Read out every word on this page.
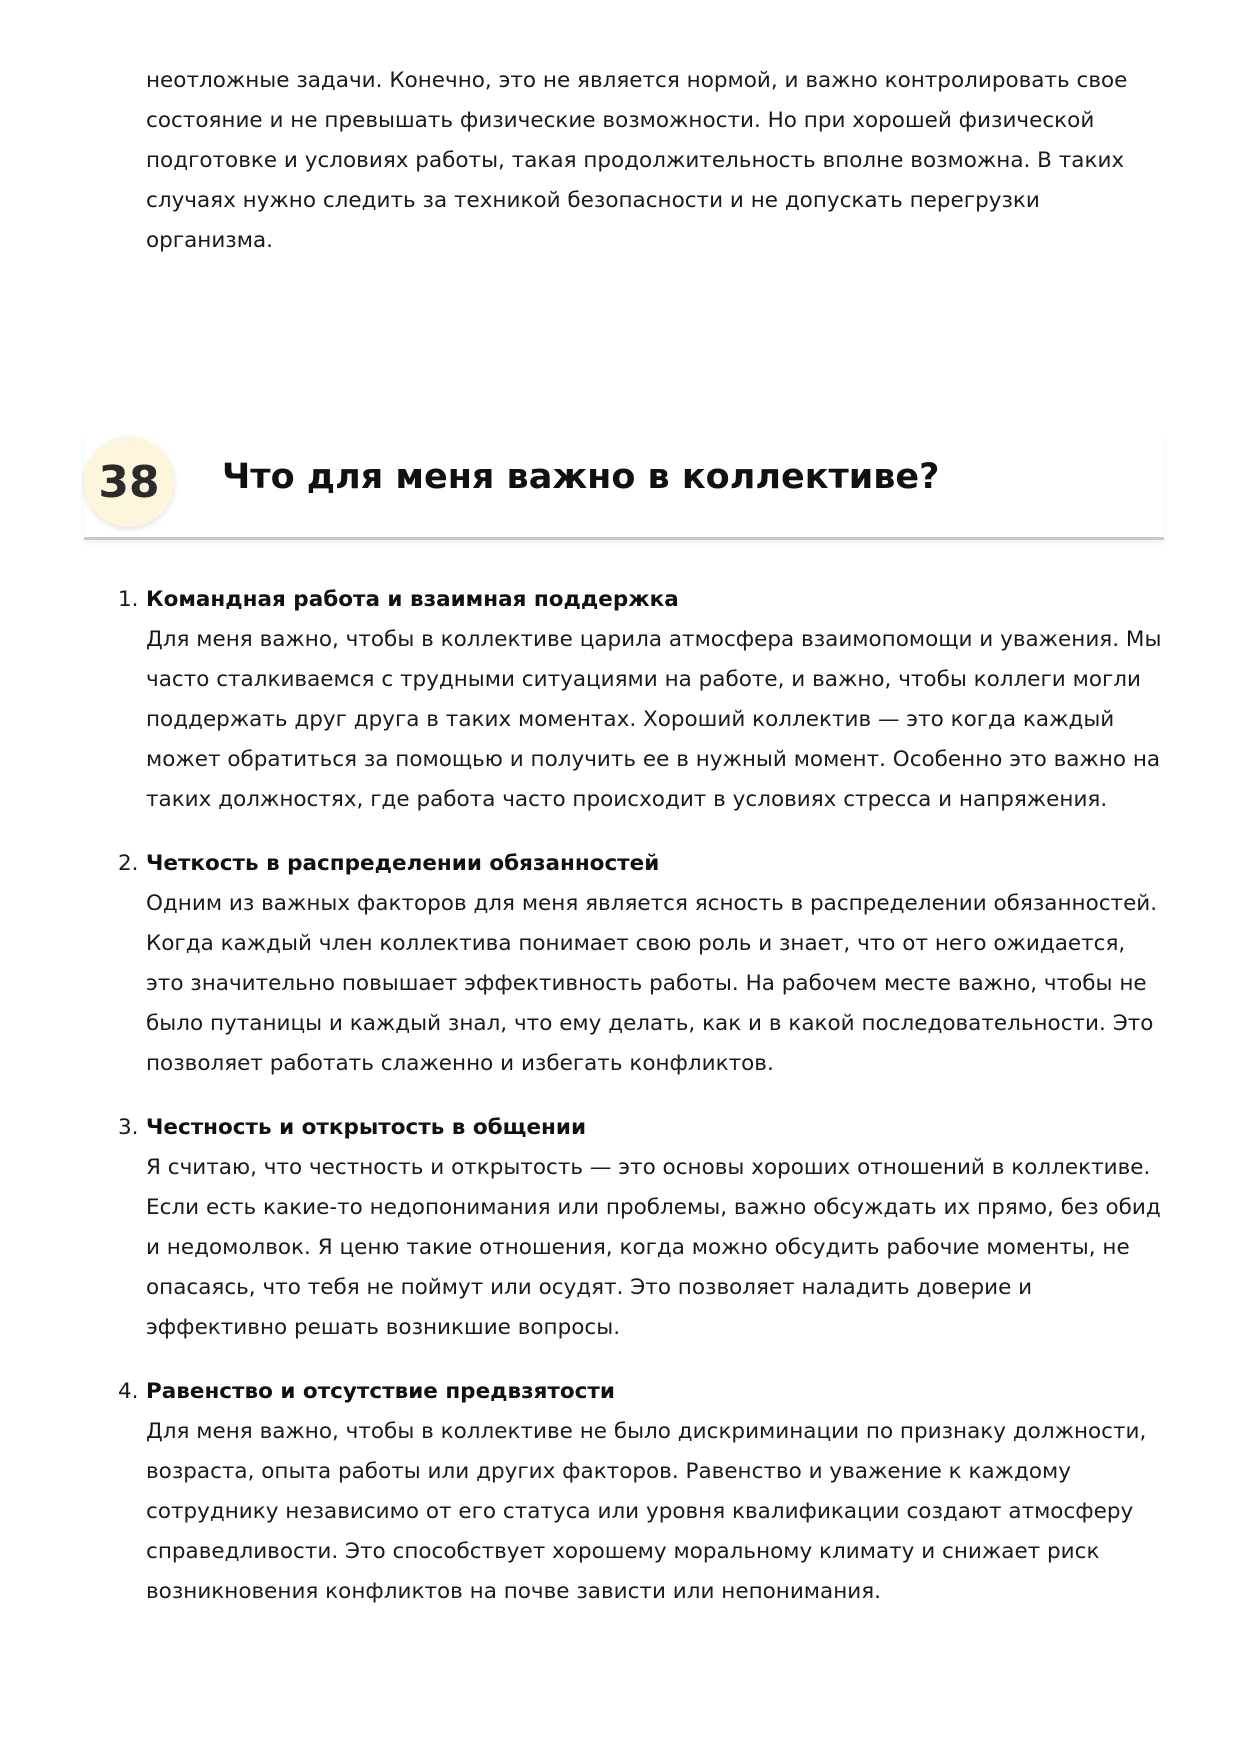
неотложные задачи. Конечно, это не является нормой, и важно контролировать свое состояние и не превышать физические возможности. Но при хорошей физической подготовке и условиях работы, такая продолжительность вполне возможна. В таких случаях нужно следить за техникой безопасности и не допускать перегрузки организма.

38	Что для меня важно в коллективе?
1. Командная работа и взаимная поддержка
Для меня важно, чтобы в коллективе царила атмосфера взаимопомощи и уважения. Мы часто сталкиваемся с трудными ситуациями на работе, и важно, чтобы коллеги могли поддержать друг друга в таких моментах. Хороший коллектив — это когда каждый может обратиться за помощью и получить ее в нужный момент. Особенно это важно на таких должностях, где работа часто происходит в условиях стресса и напряжения.
2. Четкость в распределении обязанностей
Одним из важных факторов для меня является ясность в распределении обязанностей. Когда каждый член коллектива понимает свою роль и знает, что от него ожидается, это значительно повышает эффективность работы. На рабочем месте важно, чтобы не было путаницы и каждый знал, что ему делать, как и в какой последовательности. Это позволяет работать слаженно и избегать конфликтов.
3. Честность и открытость в общении
Я считаю, что честность и открытость — это основы хороших отношений в коллективе. Если есть какие-то недопонимания или проблемы, важно обсуждать их прямо, без обид и недомолвок. Я ценю такие отношения, когда можно обсудить рабочие моменты, не опасаясь, что тебя не поймут или осудят. Это позволяет наладить доверие и эффективно решать возникшие вопросы.
4. Равенство и отсутствие предвзятости
Для меня важно, чтобы в коллективе не было дискриминации по признаку должности, возраста, опыта работы или других факторов. Равенство и уважение к каждому сотруднику независимо от его статуса или уровня квалификации создают атмосферу справедливости. Это способствует хорошему моральному климату и снижает риск возникновения конфликтов на почве зависти или непонимания.
